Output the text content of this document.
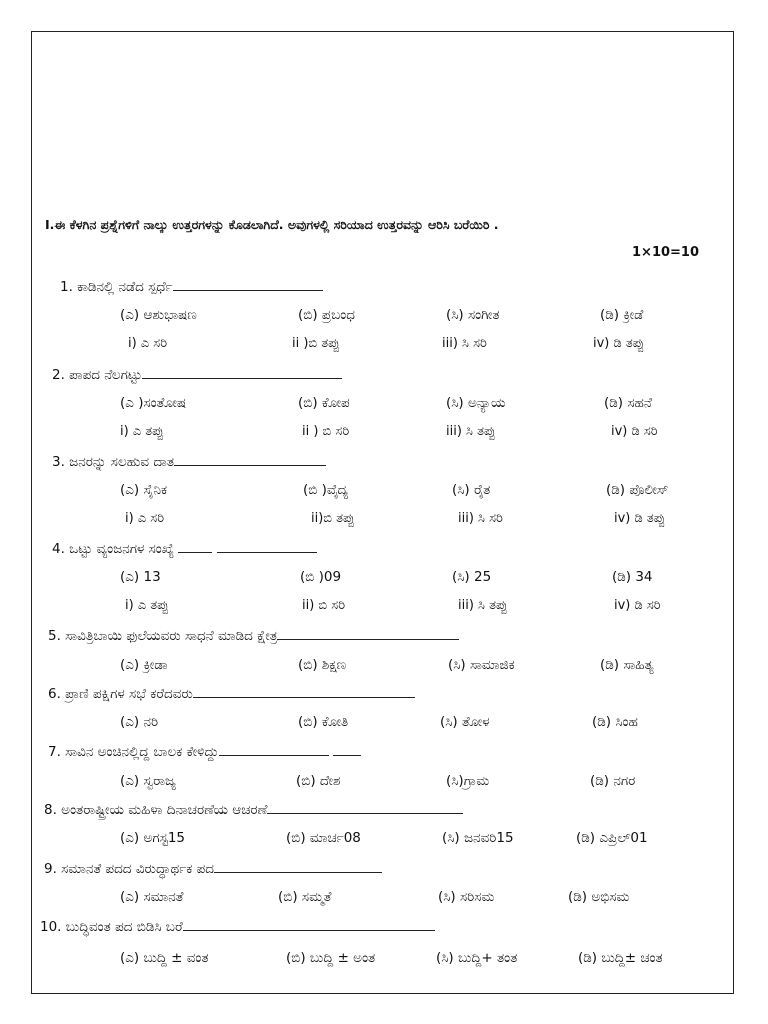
I.ಈ ಕೆಳಗಿನ ಪ್ರಶ್ನೆಗಳಿಗೆ ನಾಲ್ಕು ಉತ್ತರಗಳನ್ನು ಕೊಡಲಾಗಿದೆ. ಅವುಗಳಲ್ಲಿ ಸರಿಯಾದ ಉತ್ತರವನ್ನು ಆರಿಸಿ ಬರೆಯಿರಿ .
1×10=10
1. ಕಾಡಿನಲ್ಲಿ ನಡೆದ ಸ್ಪರ್ಧೆ
(ಎ) ಆಶುಭಾಷಣ	(ಬಿ) ಪ್ರಬಂಧ	(ಸಿ) ಸಂಗೀತ	(ಡಿ) ಕ್ರೀಡೆ
i) ಎ ಸರಿ	ii )ಬಿ ತಪ್ಪು	iii) ಸಿ ಸರಿ	iv) ಡಿ ತಪ್ಪು
2. ಪಾಪದ ನೆಲಗಟ್ಟು
(ಎ )ಸಂತೋಷ	(ಬಿ) ಕೋಪ	(ಸಿ) ಅನ್ಯಾಯ	(ಡಿ) ಸಹನೆ
i) ಎ ತಪ್ಪು	ii ) ಬಿ ಸರಿ	iii) ಸಿ ತಪ್ಪು	iv) ಡಿ ಸರಿ
3. ಜನರನ್ನು ಸಲಹುವ ದಾತ
(ಎ) ಸೈನಿಕ	(ಬಿ )ವೈದ್ಯ	(ಸಿ) ರೈತ	(ಡಿ) ಪೊಲೀಸ್
i) ಎ ಸರಿ	ii)ಬಿ ತಪ್ಪು	iii) ಸಿ ಸರಿ	iv) ಡಿ ತಪ್ಪು
4. ಒಟ್ಟು ವ್ಯಂಜನಗಳ ಸಂಖ್ಯೆ
(ಎ) 13	(ಬಿ )09	(ಸಿ) 25	(ಡಿ) 34
i) ಎ ತಪ್ಪು	ii) ಬಿ ಸರಿ	iii) ಸಿ ತಪ್ಪು	iv) ಡಿ ಸರಿ
5. ಸಾವಿತ್ರಿಬಾಯಿ ಫುಲೆಯವರು ಸಾಧನೆ ಮಾಡಿದ ಕ್ಷೇತ್ರ
(ಎ) ಕ್ರೀಡಾ	(ಬಿ) ಶಿಕ್ಷಣ	(ಸಿ) ಸಾಮಾಜಿಕ	(ಡಿ) ಸಾಹಿತ್ಯ
6. ಪ್ರಾಣಿ ಪಕ್ಷಿಗಳ ಸಭೆ ಕರೆದವರು
(ಎ) ನರಿ	(ಬಿ) ಕೋತಿ	(ಸಿ) ತೋಳ	(ಡಿ) ಸಿಂಹ
7. ಸಾವಿನ ಅಂಚಿನಲ್ಲಿದ್ದ ಬಾಲಕ ಕೇಳಿದ್ದು
(ಎ) ಸ್ವರಾಜ್ಯ	(ಬಿ) ದೇಶ	(ಸಿ)ಗ್ರಾಮ	(ಡಿ) ನಗರ
8. ಅಂತರಾಷ್ಟ್ರೀಯ ಮಹಿಳಾ ದಿನಾಚರಣೆಯ ಆಚರಣೆ
(ಎ) ಅಗಸ್ಟ15	(ಬಿ) ಮಾರ್ಚ08	(ಸಿ) ಜನವರಿ15	(ಡಿ) ಎಪ್ರಿಲ್01
9. ಸಮಾನತೆ ಪದದ ವಿರುದ್ಧಾರ್ಥಕ ಪದ
(ಎ) ಸಮಾನತೆ	(ಬಿ) ಸಮ್ಮತೆ	(ಸಿ) ಸರಿಸಮ	(ಡಿ) ಅಭಿಸಮ
10. ಬುದ್ಧಿವಂತ ಪದ ಬಿಡಿಸಿ ಬರೆ
(ಎ) ಬುದ್ದಿ ± ವಂತ	(ಬಿ) ಬುದ್ದಿ ± ಅಂತ	(ಸಿ) ಬುದ್ದಿ+ ತಂತ	(ಡಿ) ಬುದ್ದಿ± ಚಂತ
